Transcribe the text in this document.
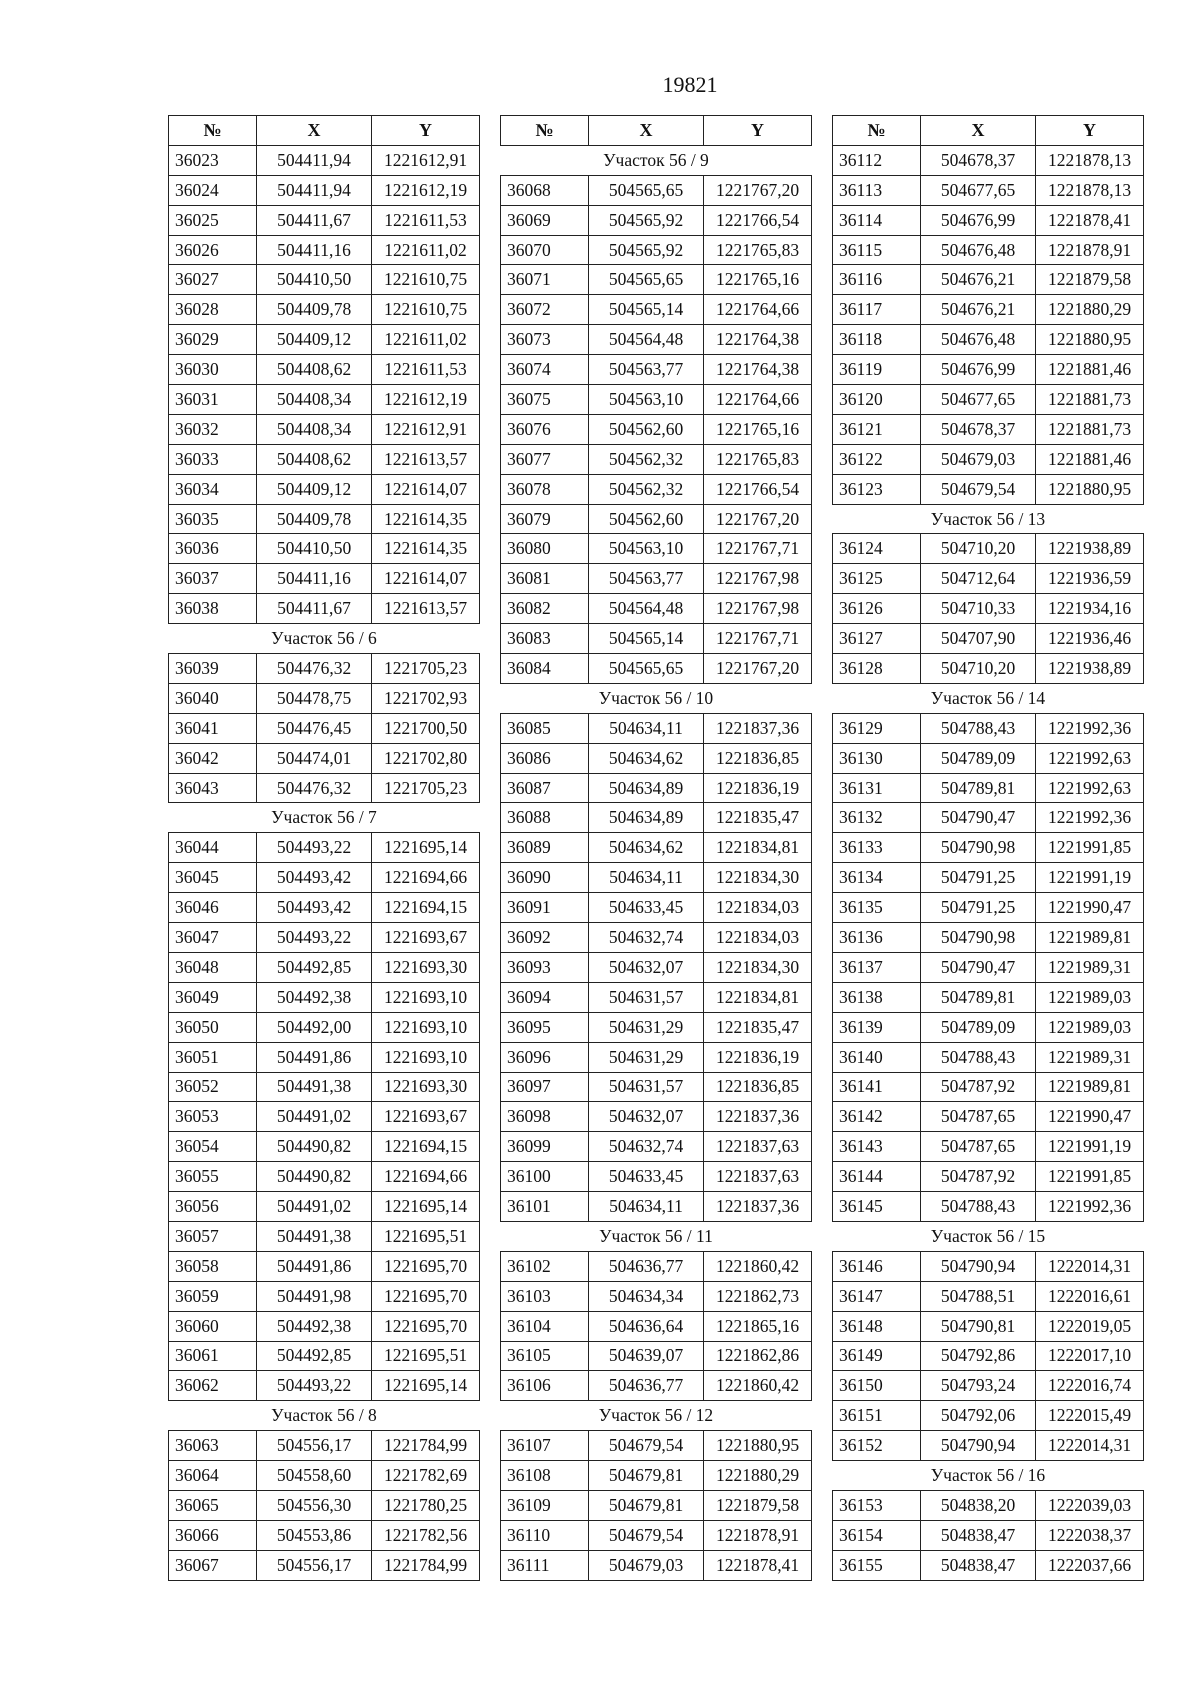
19821
№	X	Y
36023	504411,94	1221612,91
36024	504411,94	1221612,19
36025	504411,67	1221611,53
36026	504411,16	1221611,02
36027	504410,50	1221610,75
36028	504409,78	1221610,75
36029	504409,12	1221611,02
36030	504408,62	1221611,53
36031	504408,34	1221612,19
36032	504408,34	1221612,91
36033	504408,62	1221613,57
36034	504409,12	1221614,07
36035	504409,78	1221614,35
36036	504410,50	1221614,35
36037	504411,16	1221614,07
36038	504411,67	1221613,57
Участок 56 / 6		
36039	504476,32	1221705,23
36040	504478,75	1221702,93
36041	504476,45	1221700,50
36042	504474,01	1221702,80
36043	504476,32	1221705,23
Участок 56 / 7		
36044	504493,22	1221695,14
36045	504493,42	1221694,66
36046	504493,42	1221694,15
36047	504493,22	1221693,67
36048	504492,85	1221693,30
36049	504492,38	1221693,10
36050	504492,00	1221693,10
36051	504491,86	1221693,10
36052	504491,38	1221693,30
36053	504491,02	1221693,67
36054	504490,82	1221694,15
36055	504490,82	1221694,66
36056	504491,02	1221695,14
36057	504491,38	1221695,51
36058	504491,86	1221695,70
36059	504491,98	1221695,70
36060	504492,38	1221695,70
36061	504492,85	1221695,51
36062	504493,22	1221695,14
Участок 56 / 8		
36063	504556,17	1221784,99
36064	504558,60	1221782,69
36065	504556,30	1221780,25
36066	504553,86	1221782,56
36067	504556,17	1221784,99
№	X	Y
Участок 56 / 9		
36068	504565,65	1221767,20
36069	504565,92	1221766,54
36070	504565,92	1221765,83
36071	504565,65	1221765,16
36072	504565,14	1221764,66
36073	504564,48	1221764,38
36074	504563,77	1221764,38
36075	504563,10	1221764,66
36076	504562,60	1221765,16
36077	504562,32	1221765,83
36078	504562,32	1221766,54
36079	504562,60	1221767,20
36080	504563,10	1221767,71
36081	504563,77	1221767,98
36082	504564,48	1221767,98
36083	504565,14	1221767,71
36084	504565,65	1221767,20
Участок 56 / 10		
36085	504634,11	1221837,36
36086	504634,62	1221836,85
36087	504634,89	1221836,19
36088	504634,89	1221835,47
36089	504634,62	1221834,81
36090	504634,11	1221834,30
36091	504633,45	1221834,03
36092	504632,74	1221834,03
36093	504632,07	1221834,30
36094	504631,57	1221834,81
36095	504631,29	1221835,47
36096	504631,29	1221836,19
36097	504631,57	1221836,85
36098	504632,07	1221837,36
36099	504632,74	1221837,63
36100	504633,45	1221837,63
36101	504634,11	1221837,36
Участок 56 / 11		
36102	504636,77	1221860,42
36103	504634,34	1221862,73
36104	504636,64	1221865,16
36105	504639,07	1221862,86
36106	504636,77	1221860,42
Участок 56 / 12		
36107	504679,54	1221880,95
36108	504679,81	1221880,29
36109	504679,81	1221879,58
36110	504679,54	1221878,91
36111	504679,03	1221878,41
№	X	Y
36112	504678,37	1221878,13
36113	504677,65	1221878,13
36114	504676,99	1221878,41
36115	504676,48	1221878,91
36116	504676,21	1221879,58
36117	504676,21	1221880,29
36118	504676,48	1221880,95
36119	504676,99	1221881,46
36120	504677,65	1221881,73
36121	504678,37	1221881,73
36122	504679,03	1221881,46
36123	504679,54	1221880,95
Участок 56 / 13		
36124	504710,20	1221938,89
36125	504712,64	1221936,59
36126	504710,33	1221934,16
36127	504707,90	1221936,46
36128	504710,20	1221938,89
Участок 56 / 14		
36129	504788,43	1221992,36
36130	504789,09	1221992,63
36131	504789,81	1221992,63
36132	504790,47	1221992,36
36133	504790,98	1221991,85
36134	504791,25	1221991,19
36135	504791,25	1221990,47
36136	504790,98	1221989,81
36137	504790,47	1221989,31
36138	504789,81	1221989,03
36139	504789,09	1221989,03
36140	504788,43	1221989,31
36141	504787,92	1221989,81
36142	504787,65	1221990,47
36143	504787,65	1221991,19
36144	504787,92	1221991,85
36145	504788,43	1221992,36
Участок 56 / 15		
36146	504790,94	1222014,31
36147	504788,51	1222016,61
36148	504790,81	1222019,05
36149	504792,86	1222017,10
36150	504793,24	1222016,74
36151	504792,06	1222015,49
36152	504790,94	1222014,31
Участок 56 / 16		
36153	504838,20	1222039,03
36154	504838,47	1222038,37
36155	504838,47	1222037,66
